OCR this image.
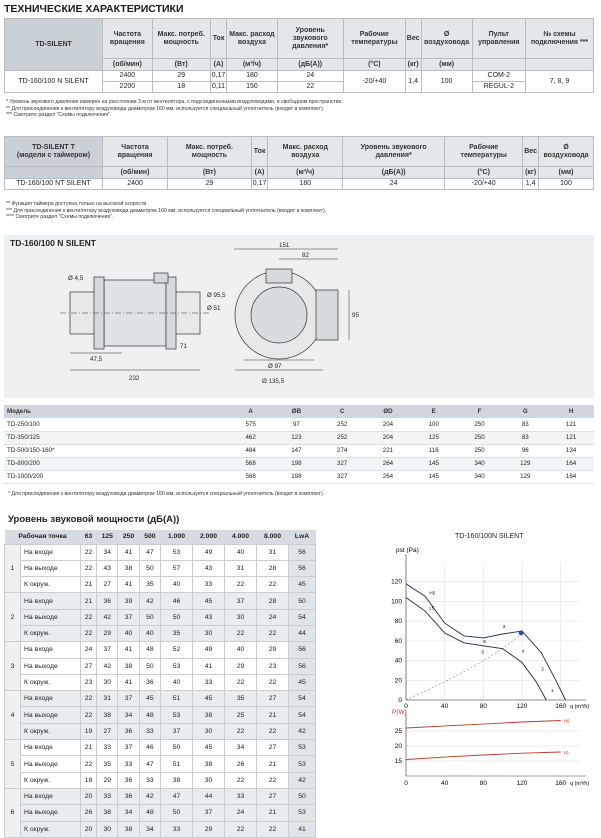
ТЕХНИЧЕСКИЕ ХАРАКТЕРИСТИКИ
TD-SILENT	Частота вращения	Макс. потреб. мощность	Ток	Макс. расход воздуха	Уровень звукового давления*	Рабочие температуры	Вес	Ø воздуховода	Пульт управления	№ схемы подключения ***
	(об/мин)	(Вт)	(А)	(м³/ч)	(дБ(А))	(°С)	(кг)	(мм)		
TD-160/100 N SILENT	2400	29	0,17	180	24	-20/+40	1,4	100	COM-2	7, 8, 9
	2200	18	0,11	150	22				REGUL-2	
* Уровень звукового давления измерен на расстоянии 3 м от вентилятора, с подсоединенными воздуховодами, в свободном пространстве.
** Для присоединения к вентилятору воздуховода диаметром 160 мм, используется специальный уплотнитель (входит в комплект).
*** Смотрите раздел "Схемы подключения".
TD-SILENT T
(модели с таймером)	Частота вращения	Макс. потреб. мощность	Ток	Макс. расход воздуха	Уровень звукового давления*	Рабочие температуры	Вес	Ø воздуховода
	(об/мин)	(Вт)	(А)	(м³/ч)	(дБ(А))	(°С)	(кг)	(мм)
TD-160/100 NT SILENT	2400	29	0,17	180	24	-20/+40	1,4	100
** Функция таймера доступна только на высокой скорости.
*** Для присоединения к вентилятору воздуховода диаметром 160 мм, используется специальный уплотнитель (входит в комплект).
**** Смотрите раздел "Схемы подключения".
TD-160/100 N SILENT
232
47,5
Ø 4,5
Ø 95,5
Ø 51
71
151
82
95
Ø 97
Ø 135,5
Модель	A	ØB	C	ØD	E	F	G	H
TD-250/100	575	97	252	204	100	250	83	121
TD-350/125	462	123	252	204	125	250	83	121
TD-500/150-160*	484	147	274	221	116	250	96	134
TD-800/200	568	198	327	264	145	340	129	164
TD-1000/200	568	198	327	264	145	340	129	164
* Для присоединения к вентилятору воздуховода диаметром 160 мм, используется специальный уплотнитель (входит в комплект).
Уровень звуковой мощности (дБ(А))
Рабочая точка		63	125	250	500	1.000	2.000	4.000	8.000	LwA
1	На входе	22	34	41	47	53	49	40	31	56
	На выходе	22	43	38	50	57	43	31	28	56
	К окруж.	21	27	41	35	40	33	22	22	45
2	На входе	21	36	39	42	46	45	37	28	50
	На выходе	22	42	37	50	50	43	30	24	54
	К окруж.	22	29	40	40	35	30	22	22	44
3	На входе	24	37	41	48	52	49	40	29	56
	На выходе	27	42	38	50	53	41	29	23	56
	К окруж.	23	30	41	36	40	33	22	22	45
4	На входе	22	31	37	45	51	45	35	27	54
	На выходе	22	38	34	48	53	38	25	21	54
	К окруж.	19	27	36	33	37	30	22	22	42
5	На входе	21	33	37	46	50	45	34	27	53
	На выходе	22	35	33	47	51	38	26	21	53
	К окруж.	18	29	36	33	38	30	22	22	42
6	На входе	20	33	36	42	47	44	33	27	50
	На выходе	26	38	34	48	50	37	24	21	53
	К окруж.	20	30	38	34	33	29	22	22	41
TD-160/100N SILENT
0
20
40
60
80
100
120
0	40	80	120	160
pst (Pa)
q (m³/h)
H5
L5
1
2
3
4
5
6
15
20
25
0	40	80	120	160
P(W)
q (m³/h)
H5
L5
